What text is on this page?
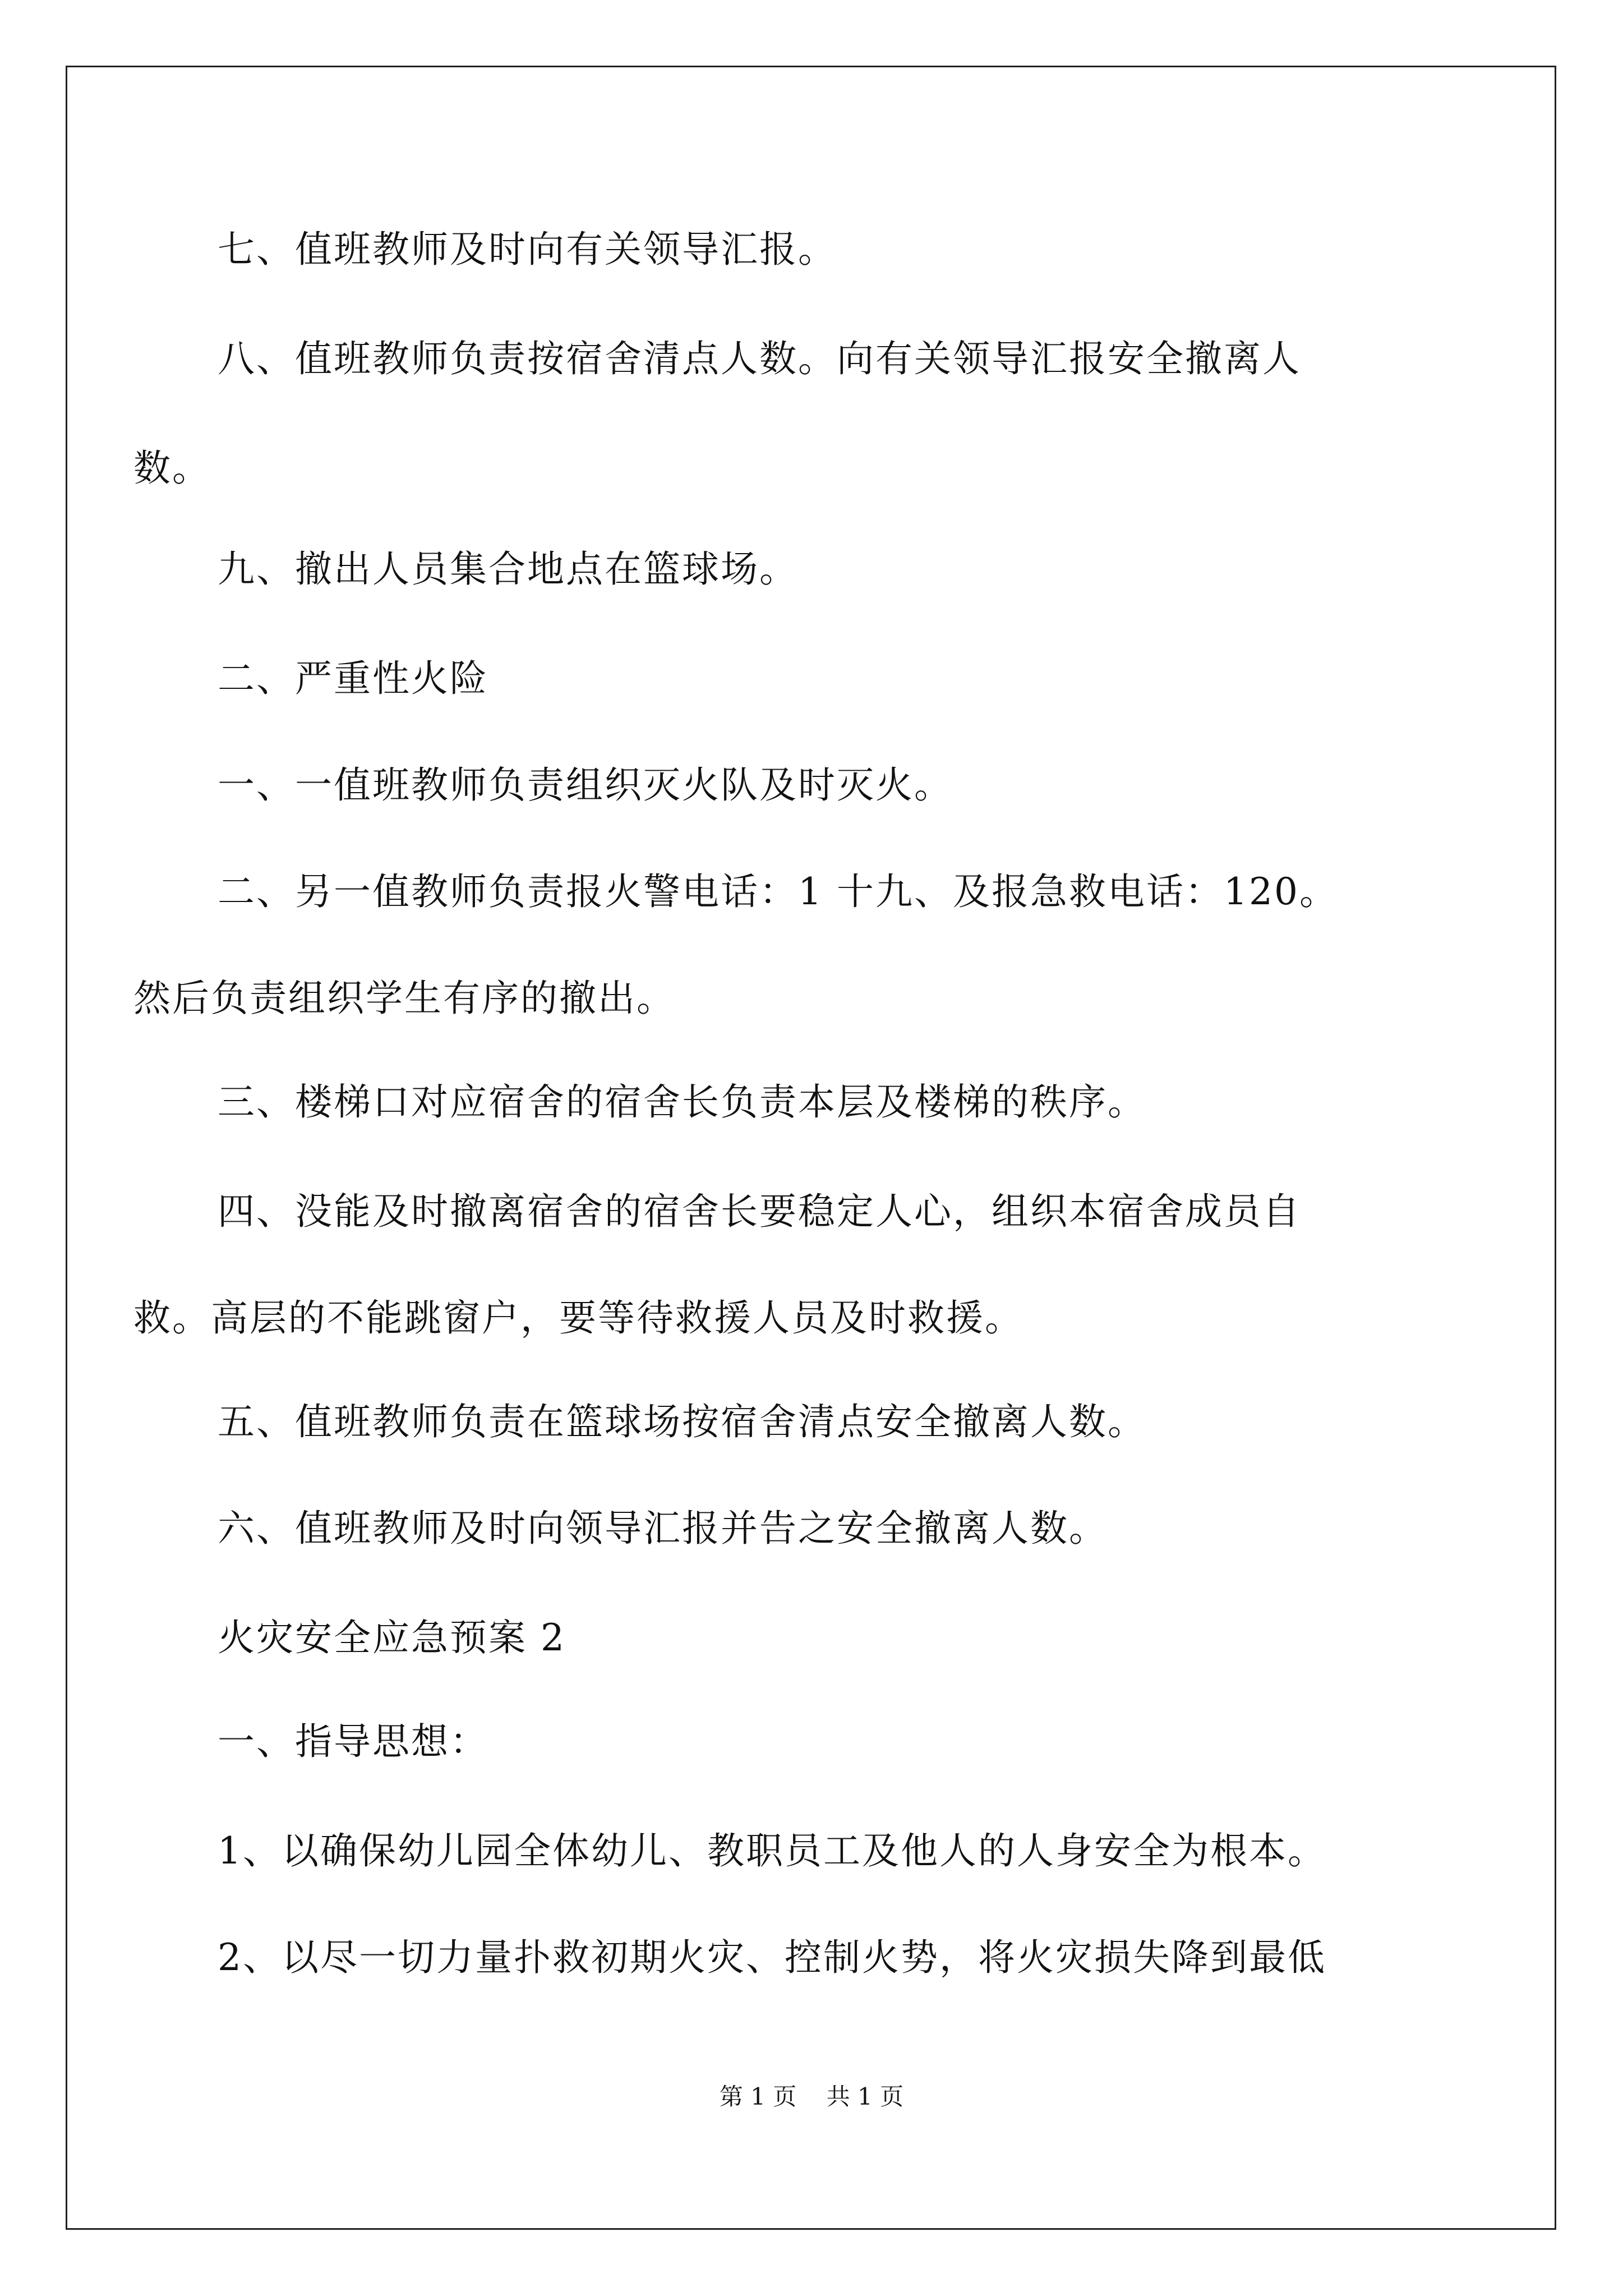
七、值班教师及时向有关领导汇报。

八、值班教师负责按宿舍清点人数。向有关领导汇报安全撤离人

数。

九、撤出人员集合地点在篮球场。

二、严重性火险

一、一值班教师负责组织灭火队及时灭火。

二、另一值教师负责报火警电话：1 十九、及报急救电话：120。

然后负责组织学生有序的撤出。

三、楼梯口对应宿舍的宿舍长负责本层及楼梯的秩序。

四、没能及时撤离宿舍的宿舍长要稳定人心，组织本宿舍成员自

救。高层的不能跳窗户，要等待救援人员及时救援。

五、值班教师负责在篮球场按宿舍清点安全撤离人数。

六、值班教师及时向领导汇报并告之安全撤离人数。

火灾安全应急预案 2

一、指导思想：

1、以确保幼儿园全体幼儿、教职员工及他人的人身安全为根本。

2、以尽一切力量扑救初期火灾、控制火势，将火灾损失降到最低

第 1 页    共 1 页
